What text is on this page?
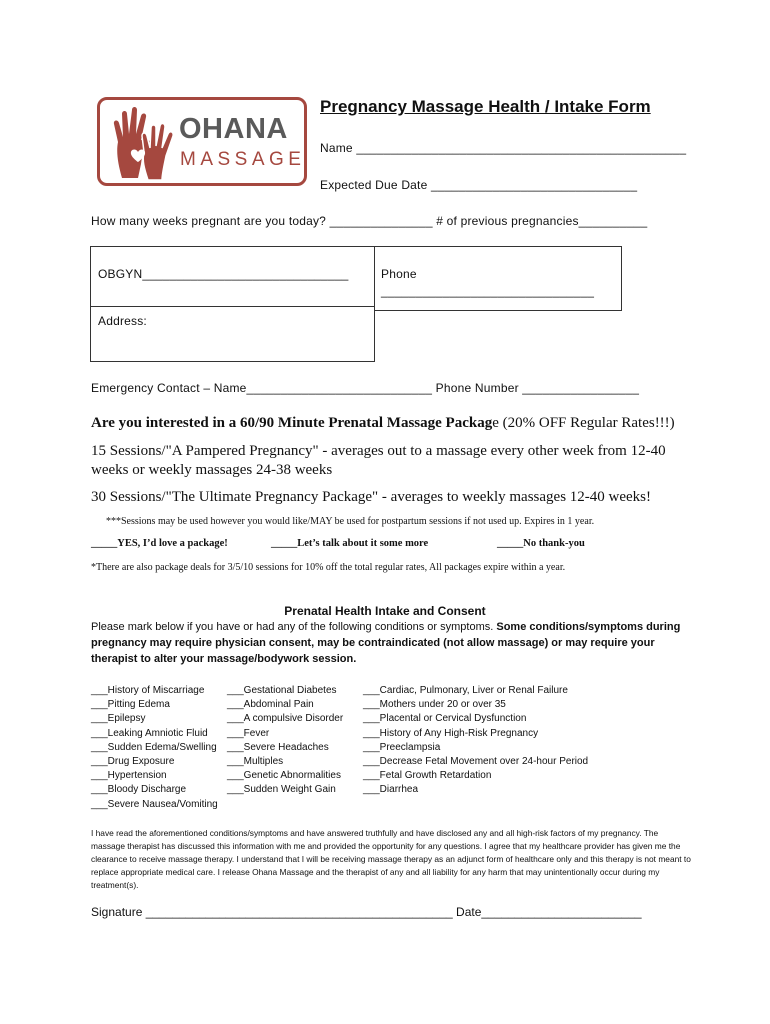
OHANA
MASSAGE
Pregnancy Massage Health / Intake Form
Name ________________________________________________
Expected Due Date ______________________________
How many weeks pregnant are you today? _______________ # of previous pregnancies__________
OBGYN______________________________
Address:
Phone
_______________________________
Emergency Contact – Name___________________________ Phone Number _________________
Are you interested in a 60/90 Minute Prenatal Massage Package (20% OFF Regular Rates!!!)
15 Sessions/"A Pampered Pregnancy" - averages out to a massage every other week from 12-40 weeks or weekly massages 24-38 weeks
30 Sessions/"The Ultimate Pregnancy Package" - averages to weekly massages 12-40 weeks!
***Sessions may be used however you would like/MAY be used for postpartum sessions if not used up. Expires in 1 year.
_____YES, I’d love a package!	_____Let’s talk about it some more	_____No thank-you
*There are also package deals for 3/5/10 sessions for 10% off the total regular rates, All packages expire within a year.
Prenatal Health Intake and Consent
Please mark below if you have or had any of the following conditions or symptoms. Some conditions/symptoms during pregnancy may require physician consent, may be contraindicated (not allow massage) or may require your therapist to alter your massage/bodywork session.
___History of Miscarriage
___Pitting Edema
___Epilepsy
___Leaking Amniotic Fluid
___Sudden Edema/Swelling
___Drug Exposure
___Hypertension
___Bloody Discharge
___Severe Nausea/Vomiting
___Gestational Diabetes
___Abdominal Pain
___A compulsive Disorder
___Fever
___Severe Headaches
___Multiples
___Genetic Abnormalities
___Sudden Weight Gain
___Cardiac, Pulmonary, Liver or Renal Failure
___Mothers under 20 or over 35
___Placental or Cervical Dysfunction
___History of Any High-Risk Pregnancy
___Preeclampsia
___Decrease Fetal Movement over 24-hour Period
___Fetal Growth Retardation
___Diarrhea
I have read the aforementioned conditions/symptoms and have answered truthfully and have disclosed any and all high-risk factors of my pregnancy. The massage therapist has discussed this information with me and provided the opportunity for any questions. I agree that my healthcare provider has given me the clearance to receive massage therapy. I understand that I will be receiving massage therapy as an adjunct form of healthcare only and this therapy is not meant to replace appropriate medical care. I release Ohana Massage and the therapist of any and all liability for any harm that may unintentionally occur during my treatment(s).
Signature ______________________________________________ Date________________________
